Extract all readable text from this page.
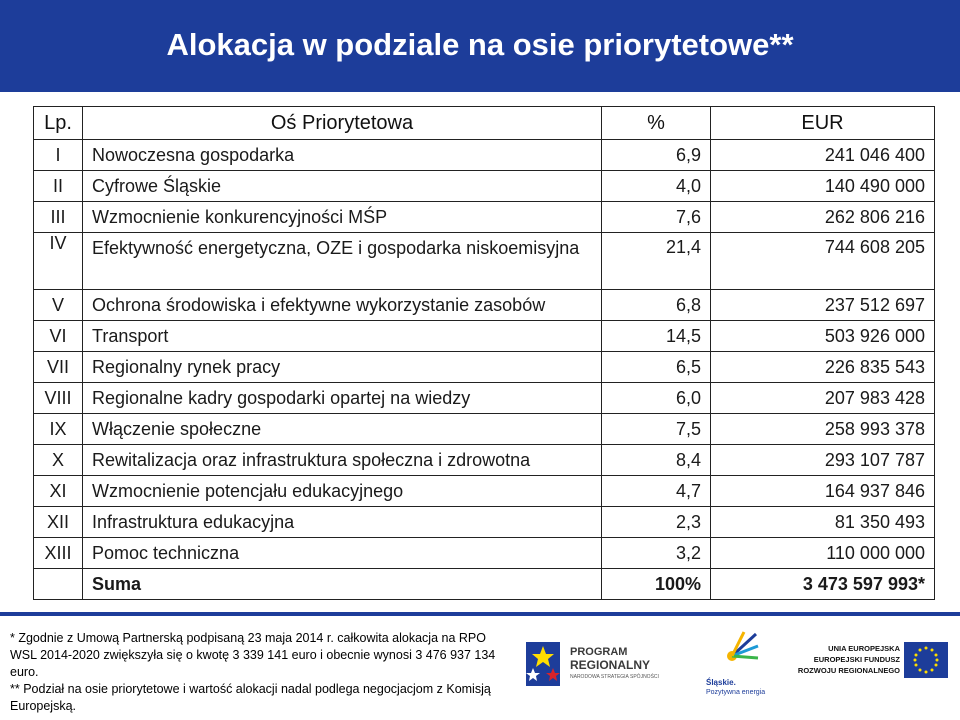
Alokacja w podziale na osie priorytetowe**
Lp.	Oś Priorytetowa	%	EUR
I	Nowoczesna gospodarka	6,9	241 046 400
II	Cyfrowe Śląskie	4,0	140 490 000
III	Wzmocnienie konkurencyjności MŚP	7,6	262 806 216
IV	Efektywność energetyczna, OZE i gospodarka niskoemisyjna	21,4	744 608 205
V	Ochrona środowiska i efektywne wykorzystanie zasobów	6,8	237 512 697
VI	Transport	14,5	503 926 000
VII	Regionalny rynek pracy	6,5	226 835 543
VIII	Regionalne kadry gospodarki opartej na wiedzy	6,0	207 983 428
IX	Włączenie społeczne	7,5	258 993 378
X	Rewitalizacja oraz infrastruktura społeczna i zdrowotna	8,4	293 107 787
XI	Wzmocnienie potencjału edukacyjnego	4,7	164 937 846
XII	Infrastruktura edukacyjna	2,3	81 350 493
XIII	Pomoc techniczna	3,2	110 000 000
	Suma	100%	3 473 597 993*

* Zgodnie z Umową Partnerską podpisaną 23 maja 2014 r. całkowita alokacja na RPO WSL 2014-2020 zwiększyła się o kwotę 3 339 141 euro i obecnie wynosi 3 476 937 134 euro.

** Podział na osie priorytetowe i wartość alokacji nadal podlega negocjacjom z Komisją Europejską.

PROGRAM
REGIONALNY
NARODOWA STRATEGIA SPÓJNOŚCI
Śląskie.
Pozytywna energia
UNIA EUROPEJSKA
EUROPEJSKI FUNDUSZ
ROZWOJU REGIONALNEGO
